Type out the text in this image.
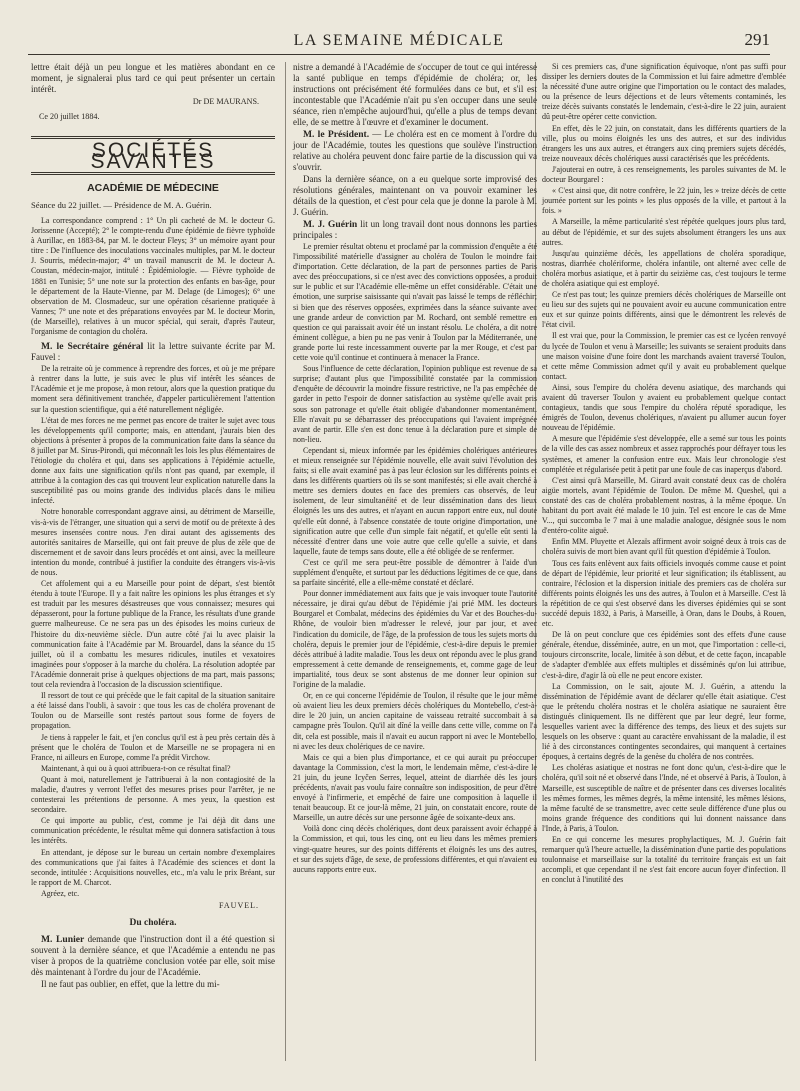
LA SEMAINE MÉDICALE	291

lettre était déjà un peu longue et les matières abondant en ce moment, je signalerai plus tard ce qui peut présenter un certain intérêt.

Dr DE MAURANS.
Ce 20 juillet 1884.
SOCIÉTÉS SAVANTES
ACADÉMIE DE MÉDECINE

Séance du 22 juillet. — Présidence de M. A. Guérin.

La correspondance comprend : 1° Un pli cacheté de M. le docteur G. Jorissenne (Accepté); 2° le compte-rendu d'une épidémie de fièvre typhoïde à Aurillac, en 1883-84, par M. le docteur Fleys; 3° un mémoire ayant pour titre : De l'influence des inoculations vaccinales multiples, par M. le docteur J. Sourris, médecin-major; 4° un travail manuscrit de M. le docteur A. Coustan, médecin-major, intitulé : Épidémiologie. — Fièvre typhoïde de 1881 en Tunisie; 5° une note sur la protection des enfants en bas-âge, pour le département de la Haute-Vienne, par M. Delage (de Limoges); 6° une observation de M. Closmadeuc, sur une opération césarienne pratiquée à Vannes; 7° une note et des préparations envoyées par M. le docteur Morin, (de Marseille), relatives à un mucor spécial, qui serait, d'après l'auteur, l'organisme de contagion du choléra.

M. le Secrétaire général lit la lettre suivante écrite par M. Fauvel :

De la retraite où je commence à reprendre des forces, et où je me prépare à rentrer dans la lutte, je suis avec le plus vif intérêt les séances de l'Académie et je me propose, à mon retour, alors que la question pratique du moment sera définitivement tranchée, d'appeler particulièrement l'attention sur la question scientifique, qui a été naturellement négligée.

L'état de mes forces ne me permet pas encore de traiter le sujet avec tous les développements qu'il comporte; mais, en attendant, j'aurais bien des objections à présenter à propos de la communication faite dans la séance du 8 juillet par M. Sirus-Pirondi, qui méconnaît les lois les plus élémentaires de l'étiologie du choléra et qui, dans ses applications à l'épidémie actuelle, donne aux faits une signification qu'ils n'ont pas quand, par exemple, il attribue à la contagion des cas qui trouvent leur explication naturelle dans la susceptibilité pas ou moins grande des individus placés dans le milieu infecté.

Notre honorable correspondant aggrave ainsi, au détriment de Marseille, vis-à-vis de l'étranger, une situation qui a servi de motif ou de prétexte à des mesures insensées contre nous. J'en dirai autant des agissements des autorités sanitaires de Marseille, qui ont fait preuve de plus de zèle que de discernement et de savoir dans leurs procédés et ont ainsi, avec la meilleure intention du monde, contribué à justifier la conduite des étrangers vis-à-vis de nous.

Cet affolement qui a eu Marseille pour point de départ, s'est bientôt étendu à toute l'Europe. Il y a fait naître les opinions les plus étranges et s'y est traduit par les mesures désastreuses que vous connaissez; mesures qui dépasseront, pour la fortune publique de la France, les résultats d'une grande guerre malheureuse. Ce ne sera pas un des épisodes les moins curieux de l'histoire du dix-neuvième siècle. D'un autre côté j'ai lu avec plaisir la communication faite à l'Académie par M. Brouardel, dans la séance du 15 juillet, où il a combattu les mesures ridicules, inutiles et vexatoires imaginées pour s'opposer à la marche du choléra. La résolution adoptée par l'Académie donnerait prise à quelques objections de ma part, mais passons; tout cela reviendra à l'occasion de la discussion scientifique.

Il ressort de tout ce qui précède que le fait capital de la situation sanitaire a été laissé dans l'oubli, à savoir : que tous les cas de choléra provenant de Toulon ou de Marseille sont restés partout sous forme de foyers de propagation.

Je tiens à rappeler le fait, et j'en conclus qu'il est à peu près certain dès à présent que le choléra de Toulon et de Marseille ne se propagera ni en France, ni ailleurs en Europe, comme l'a prédit Virchow.

Maintenant, à qui ou à quoi attribuera-t-on ce résultat final?

Quant à moi, naturellement je l'attribuerai à la non contagiosité de la maladie, d'autres y verront l'effet des mesures prises pour l'arrêter, je ne contesterai les prétentions de personne. A mes yeux, la question est secondaire.

Ce qui importe au public, c'est, comme je l'ai déjà dit dans une communication précédente, le résultat même qui donnera satisfaction à tous les intérêts.

En attendant, je dépose sur le bureau un certain nombre d'exemplaires des communications que j'ai faites à l'Académie des sciences et dont la seconde, intitulée : Acquisitions nouvelles, etc., m'a valu le prix Bréant, sur le rapport de M. Charcot.

Agréez, etc.

FAUVEL.
Du choléra.

M. Lunier demande que l'instruction dont il a été question si souvent à la dernière séance, et que l'Académie a entendu ne pas viser à propos de la quatrième conclusion votée par elle, soit mise dès maintenant à l'ordre du jour de l'Académie.

Il ne faut pas oublier, en effet, que la lettre du mi-

nistre a demandé à l'Académie de s'occuper de tout ce qui intéresse la santé publique en temps d'épidémie de choléra; or, les instructions ont précisément été formulées dans ce but, et s'il est incontestable que l'Académie n'ait pu s'en occuper dans une seule séance, rien n'empêche aujourd'hui, qu'elle a plus de temps devant elle, de se mettre à l'œuvre et d'examiner le document.

M. le Président. — Le choléra est en ce moment à l'ordre du jour de l'Académie, toutes les questions que soulève l'instruction relative au choléra peuvent donc faire partie de la discussion qui va s'ouvrir.

Dans la dernière séance, on a eu quelque sorte improvisé des résolutions générales, maintenant on va pouvoir examiner les détails de la question, et c'est pour cela que je donne la parole à M. J. Guérin.

M. J. Guérin lit un long travail dont nous donnons les parties principales :

Le premier résultat obtenu et proclamé par la commission d'enquête a été l'impossibilité matérielle d'assigner au choléra de Toulon le moindre fait d'importation. Cette déclaration, de la part de personnes parties de Paris avec des préoccupations, si ce n'est avec des convictions opposées, a produit sur le public et sur l'Académie elle-même un effet considérable. C'était une émotion, une surprise saisissante qui n'avait pas laissé le temps de réfléchir; si bien que des réserves opposées, exprimées dans la séance suivante avec une grande ardeur de conviction par M. Rochard, ont semblé remettre en question ce qui paraissait avoir été un instant résolu. Le choléra, a dit notre éminent collègue, a bien pu ne pas venir à Toulon par la Méditerranée, une grande porte lui reste incessamment ouverte par la mer Rouge, et c'est par cette voie qu'il continue et continuera à menacer la France.

Sous l'influence de cette déclaration, l'opinion publique est revenue de sa surprise; d'autant plus que l'impossibilité constatée par la commission d'enquête de découvrir la moindre fissure restrictive, ne l'a pas empêchée de garder in petto l'espoir de donner satisfaction au système qu'elle avait pris sous son patronage et qu'elle était obligée d'abandonner momentanément. Elle n'avait pu se débarrasser des préoccupations qui l'avaient imprégnée avant de partir. Elle s'en est donc tenue à la déclaration pure et simple de non-lieu.

Cependant si, mieux informée par les épidémies cholériques antérieures et mieux renseignée sur l'épidémie nouvelle, elle avait suivi l'évolution des faits; si elle avait examiné pas à pas leur éclosion sur les différents points et dans les différents quartiers où ils se sont manifestés; si elle avait cherché à mettre ses derniers doutes en face des premiers cas observés, de leur isolement, de leur simultanéité et de leur dissémination dans des lieux éloignés les uns des autres, et n'ayant en aucun rapport entre eux, nul doute qu'elle eût donné, à l'absence constatée de toute origine d'importation, une signification autre que celle d'un simple fait négatif, et qu'elle eût senti la nécessité d'entrer dans une voie autre que celle qu'elle a suivie, et dans laquelle, faute de temps sans doute, elle a été obligée de se renfermer.

C'est ce qu'il me sera peut-être possible de démontrer à l'aide d'un supplément d'enquête, et surtout par les déductions légitimes de ce que, dans sa parfaite sincérité, elle a elle-même constaté et déclaré.

Pour donner immédiatement aux faits que je vais invoquer toute l'autorité nécessaire, je dirai qu'au début de l'épidémie j'ai prié MM. les docteurs Bourgarel et Combalat, médecins des épidémies du Var et des Bouches-du-Rhône, de vouloir bien m'adresser le relevé, jour par jour, et avec l'indication du domicile, de l'âge, de la profession de tous les sujets morts du choléra, depuis le premier jour de l'épidémie, c'est-à-dire depuis le premier décès attribué à ladite maladie. Tous les deux ont répondu avec le plus grand empressement à cette demande de renseignements, et, comme gage de leur impartialité, tous deux se sont abstenus de me donner leur opinion sur l'origine de la maladie.

Or, en ce qui concerne l'épidémie de Toulon, il résulte que le jour même où avaient lieu les deux premiers décès cholériques du Montebello, c'est-à-dire le 20 juin, un ancien capitaine de vaisseau retraité succombait à sa campagne près Toulon. Qu'il ait dîné la veille dans cette ville, comme on l'a dit, cela est possible, mais il n'avait eu aucun rapport ni avec le Montebello, ni avec les deux cholériques de ce navire.

Mais ce qui a bien plus d'importance, et ce qui aurait pu préoccuper davantage la Commission, c'est la mort, le lendemain même, c'est-à-dire le 21 juin, du jeune Icyčen Serres, lequel, atteint de diarrhée dès les jours précédents, n'avait pas voulu faire connaître son indisposition, de peur d'être envoyé à l'infirmerie, et empêché de faire une composition à laquelle il tenait beaucoup. Et ce jour-là même, 21 juin, on constatait encore, route de Marseille, un autre décès sur une personne âgée de soixante-deux ans.

Voilà donc cinq décès cholériques, dont deux paraissent avoir échappé à la Commission, et qui, tous les cinq, ont eu lieu dans les mêmes premiers vingt-quatre heures, sur des points différents et éloignés les uns des autres, et sur des sujets d'âge, de sexe, de professions différentes, et qui n'avaient eu aucuns rapports entre eux.

Si ces premiers cas, d'une signification équivoque, n'ont pas suffi pour dissiper les derniers doutes de la Commission et lui faire admettre d'emblée la nécessité d'une autre origine que l'importation ou le contact des malades, ou la présence de leurs déjections et de leurs vêtements contaminés, les treize décès suivants constatés le lendemain, c'est-à-dire le 22 juin, auraient dû peut-être opérer cette conviction.

En effet, dès le 22 juin, on constatait, dans les différents quartiers de la ville, plus ou moins éloignés les uns des autres, et sur des individus étrangers les uns aux autres, et étrangers aux cinq premiers sujets décédés, treize nouveaux décès cholériques aussi caractérisés que les précédents.

J'ajouterai en outre, à ces renseignements, les paroles suivantes de M. le docteur Bourgarel :

« C'est ainsi que, dit notre confrère, le 22 juin, les » treize décès de cette journée portent sur les points » les plus opposés de la ville, et partout à la fois. »

A Marseille, la même particularité s'est répétée quelques jours plus tard, au début de l'épidémie, et sur des sujets absolument étrangers les uns aux autres.

Jusqu'au quinzième décès, les appellations de choléra sporadique, nostras, diarrhée cholériforme, choléra infantile, ont alterné avec celle de choléra morbus asiatique, et à partir du seizième cas, c'est toujours le terme de choléra asiatique qui est employé.

Ce n'est pas tout; les quinze premiers décès cholériques de Marseille ont eu lieu sur des sujets qui ne pouvaient avoir eu aucune communication entre eux et sur quinze points différents, ainsi que le démontrent les relevés de l'état civil.

Il est vrai que, pour la Commission, le premier cas est ce lycéen renvoyé du lycée de Toulon et venu à Marseille; les suivants se seraient produits dans une maison voisine d'une foire dont les marchands avaient traversé Toulon, et cette même Commission admet qu'il y avait eu probablement quelque contact.

Ainsi, sous l'empire du choléra devenu asiatique, des marchands qui avaient dû traverser Toulon y avaient eu probablement quelque contact contagieux, tandis que sous l'empire du choléra réputé sporadique, les émigrés de Toulon, devenus cholériques, n'avaient pu allumer aucun foyer nouveau de l'épidémie.

A mesure que l'épidémie s'est développée, elle a semé sur tous les points de la ville des cas assez nombreux et assez rapprochés pour défrayer tous les systèmes, et amener la confusion entre eux. Mais leur chronologie s'est complétée et régularisée petit à petit par une foule de cas inaperçus d'abord.

C'est ainsi qu'à Marseille, M. Girard avait constaté deux cas de choléra aigüe mortels, avant l'épidémie de Toulon. De même M. Queshel, qui a constaté des cas de choléra probablement nostras, à la même époque. Un habitant du port avait été malade le 10 juin. Tel est encore le cas de Mme V..., qui succomba le 7 mai à une maladie analogue, désignée sous le nom d'entéro-colite aiguë.

Enfin MM. Pluyette et Alezaïs affirment avoir soigné deux à trois cas de choléra suivis de mort bien avant qu'il fût question d'épidémie à Toulon.

Tous ces faits enlèvent aux faits officiels invoqués comme cause et point de départ de l'épidémie, leur priorité et leur signification; ils établissent, au contraire, l'éclosion et la dispersion initiale des premiers cas de choléra sur différents points éloignés les uns des autres, à Toulon et à Marseille. C'est là la répétition de ce qui s'est observé dans les diverses épidémies qui se sont succédé depuis 1832, à Paris, à Marseille, à Oran, dans le Doubs, à Rouen, etc.

De là on peut conclure que ces épidémies sont des effets d'une cause générale, étendue, disséminée, autre, en un mot, que l'importation : celle-ci, toujours circonscrite, locale, limitée à son début, et de cette façon, incapable de s'adapter d'emblée aux effets multiples et disséminés qu'on lui attribue, c'est-à-dire, d'agir là où elle ne peut encore exister.

La Commission, on le sait, ajoute M. J. Guérin, a attendu la dissémination de l'épidémie avant de déclarer qu'elle était asiatique. C'est que le prétendu choléra nostras et le choléra asiatique ne sauraient être distingués cliniquement. Ils ne diffèrent que par leur degré, leur forme, lesquelles varient avec la différence des temps, des lieux et des sujets sur lesquels on les observe : quant au caractère envahissant de la maladie, il est lié à des circonstances contingentes secondaires, qui manquent à certaines époques, à certains degrés de la genèse du choléra de nos contrées.

Les choléras asiatique et nostras ne font donc qu'un, c'est-à-dire que le choléra, qu'il soit né et observé dans l'Inde, né et observé à Paris, à Toulon, à Marseille, est susceptible de naître et de présenter dans ces diverses localités les mêmes formes, les mêmes degrés, la même intensité, les mêmes lésions, la même faculté de se transmettre, avec cette seule différence d'une plus ou moins grande fréquence des conditions qui lui donnent naissance dans l'Inde, à Paris, à Toulon.

En ce qui concerne les mesures prophylactiques, M. J. Guérin fait remarquer qu'à l'heure actuelle, la dissémination d'une partie des populations toulonnaise et marseillaise sur la totalité du territoire français est un fait accompli, et que cependant il ne s'est fait encore aucun foyer d'infection. Il en conclut à l'inutilité des
